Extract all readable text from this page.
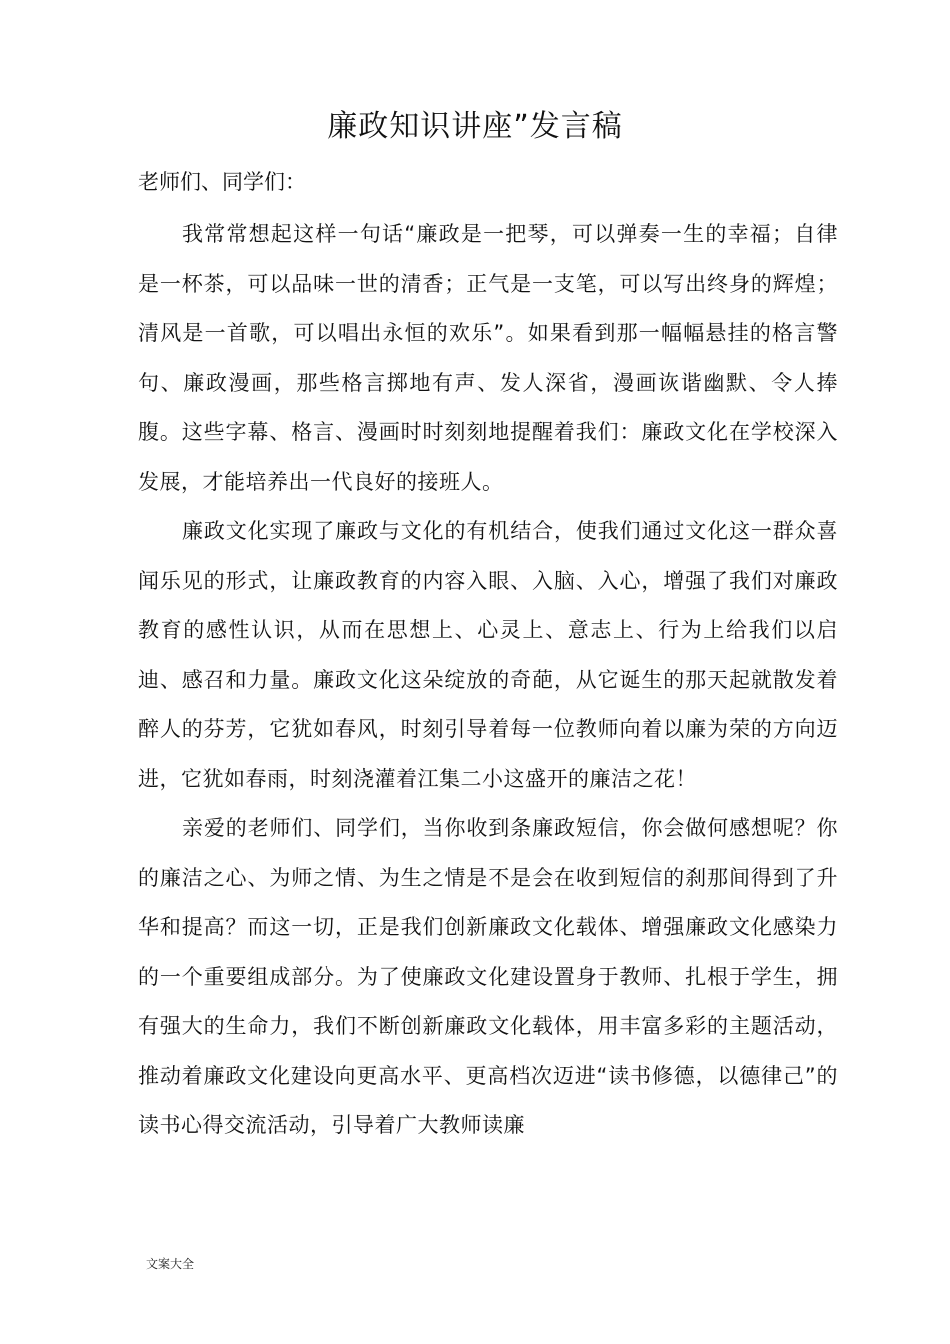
廉政知识讲座”发言稿

老师们、同学们：

我常常想起这样一句话“廉政是一把琴，可以弹奏一生的幸福；自律是一杯茶，可以品味一世的清香；正气是一支笔，可以写出终身的辉煌；清风是一首歌，可以唱出永恒的欢乐”。如果看到那一幅幅悬挂的格言警句、廉政漫画，那些格言掷地有声、发人深省，漫画诙谐幽默、令人捧腹。这些字幕、格言、漫画时时刻刻地提醒着我们：廉政文化在学校深入发展，才能培养出一代良好的接班人。

廉政文化实现了廉政与文化的有机结合，使我们通过文化这一群众喜闻乐见的形式，让廉政教育的内容入眼、入脑、入心，增强了我们对廉政教育的感性认识，从而在思想上、心灵上、意志上、行为上给我们以启迪、感召和力量。廉政文化这朵绽放的奇葩，从它诞生的那天起就散发着醉人的芬芳，它犹如春风，时刻引导着每一位教师向着以廉为荣的方向迈进，它犹如春雨，时刻浇灌着江集二小这盛开的廉洁之花！

亲爱的老师们、同学们，当你收到条廉政短信，你会做何感想呢？你的廉洁之心、为师之情、为生之情是不是会在收到短信的刹那间得到了升华和提高？而这一切，正是我们创新廉政文化载体、增强廉政文化感染力的一个重要组成部分。为了使廉政文化建设置身于教师、扎根于学生，拥有强大的生命力，我们不断创新廉政文化载体，用丰富多彩的主题活动，推动着廉政文化建设向更高水平、更高档次迈进“读书修德，以德律己”的读书心得交流活动，引导着广大教师读廉

文案大全
